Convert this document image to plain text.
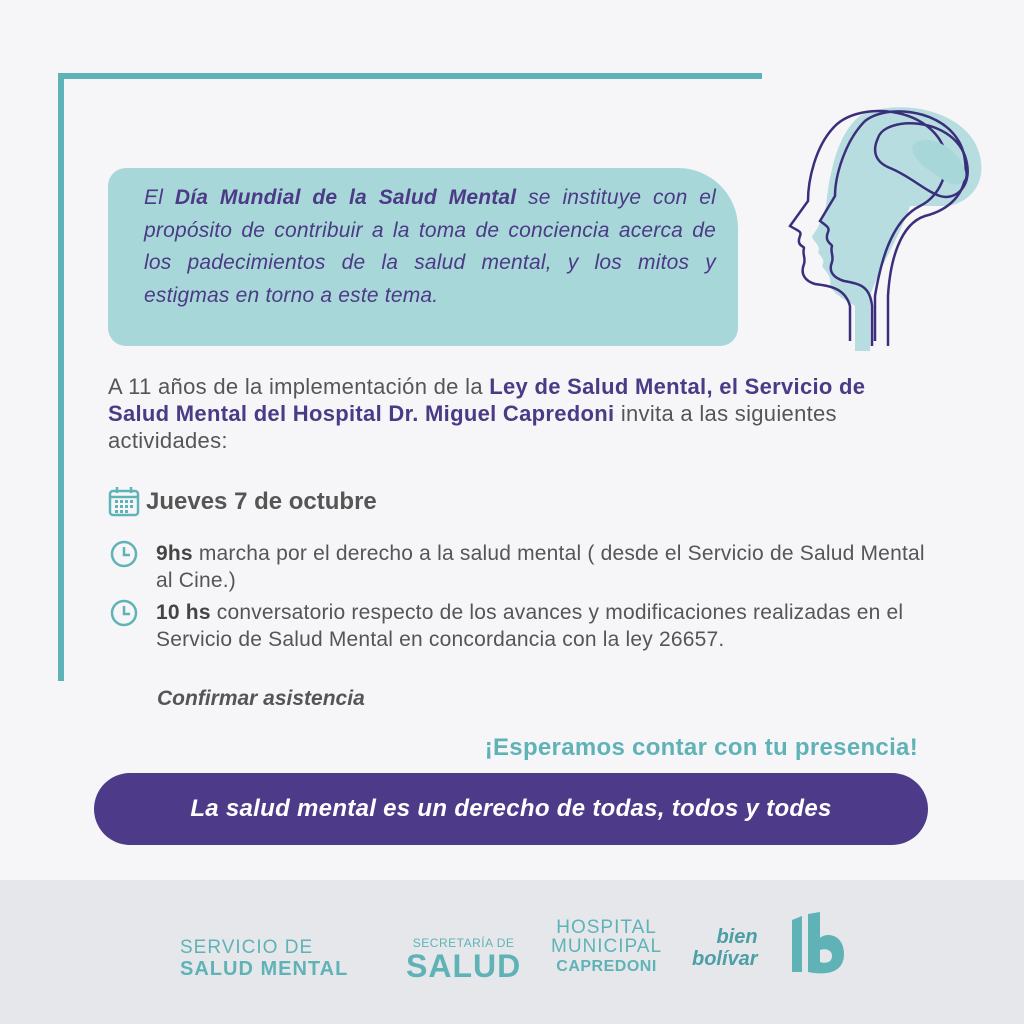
El Día Mundial de la Salud Mental se instituye con el propósito de contribuir a la toma de conciencia acerca de los padecimientos de la salud mental, y los mitos y estigmas en torno a este tema.
A 11 años de la implementación de la Ley de Salud Mental, el Servicio de Salud Mental del Hospital Dr. Miguel Capredoni invita a las siguientes actividades:
Jueves 7 de octubre
9hs marcha por el derecho a la salud mental ( desde el Servicio de Salud Mental al Cine.)
10 hs conversatorio respecto de los avances y modificaciones realizadas en el Servicio de Salud Mental en concordancia con la ley 26657.
Confirmar asistencia
¡Esperamos contar con tu presencia!
La salud mental es un derecho de todas, todos y todes
SERVICIO DE
SALUD MENTAL
SECRETARÍA DE
SALUD
HOSPITAL
MUNICIPAL
CAPREDONI
bien
bolívar
